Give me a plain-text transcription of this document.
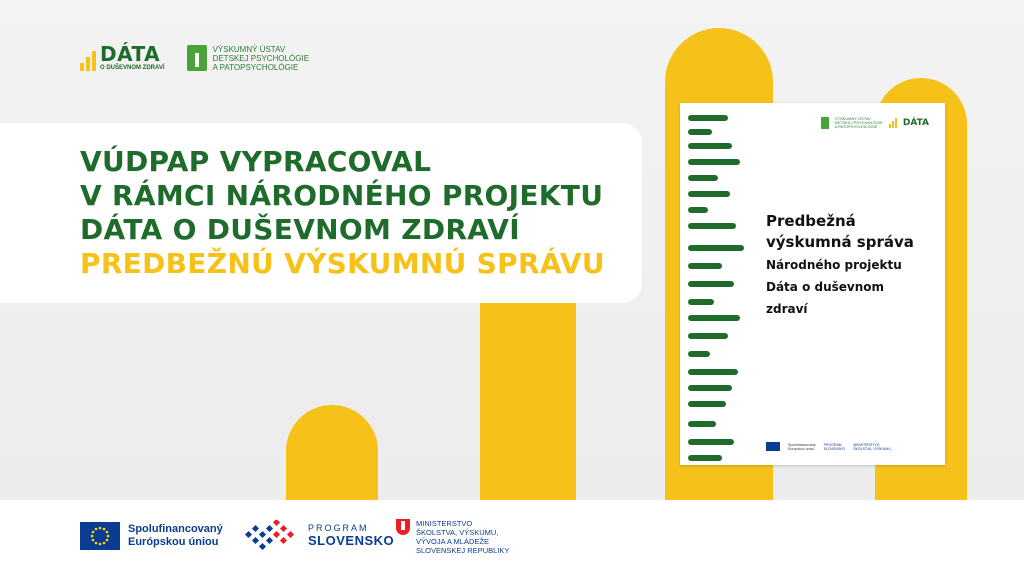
DÁTA
O DUŠEVNOM ZDRAVÍ
VÝSKUMNÝ ÚSTAV
DETSKEJ PSYCHOLÓGIE
A PATOPSYCHOLÓGIE
VÚDPAP VYPRACOVAL
V RÁMCI NÁRODNÉHO PROJEKTU
DÁTA O DUŠEVNOM ZDRAVÍ
PREDBEŽNÚ VÝSKUMNÚ SPRÁVU
VÝSKUMNÝ ÚSTAV
DETSKEJ PSYCHOLÓGIE
A PATOPSYCHOLÓGIE	DÁTA
Predbežná
výskumná správa
Národného projektu
Dáta o duševnom
zdraví
Spolufinancovaný
Európskou úniou
PROGRAM
SLOVENSKO
MINISTERSTVO
ŠKOLSTVA, VÝSKUMU,
Spolufinancovaný
Európskou úniou
PROGRAM
SLOVENSKO
MINISTERSTVO
ŠKOLSTVA, VÝSKUMU,
VÝVOJA A MLÁDEŽE
SLOVENSKEJ REPUBLIKY
